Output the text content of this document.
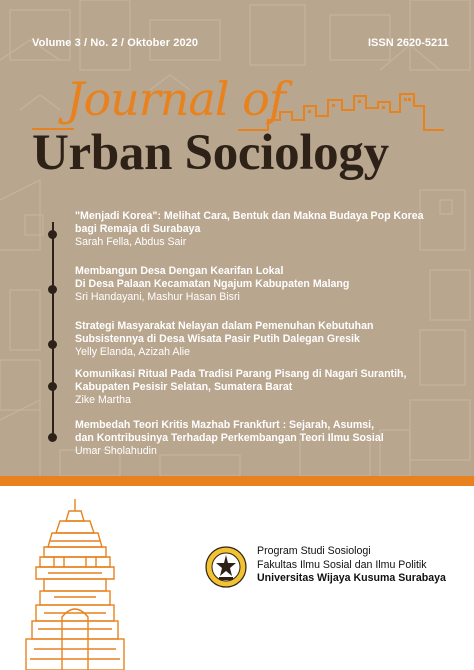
Volume 3 / No. 2 / Oktober 2020	ISSN 2620-5211
Journal of
Urban Sociology
"Menjadi Korea": Melihat Cara, Bentuk dan Makna Budaya Pop Korea
bagi Remaja di Surabaya
Sarah Fella, Abdus Sair
Membangun Desa Dengan Kearifan Lokal
Di Desa Palaan Kecamatan Ngajum Kabupaten Malang
Sri Handayani, Mashur Hasan Bisri
Strategi Masyarakat Nelayan dalam Pemenuhan Kebutuhan
Subsistennya di Desa Wisata Pasir Putih Dalegan Gresik
Yelly Elanda, Azizah Alie
Komunikasi Ritual Pada Tradisi Parang Pisang di Nagari Surantih,
Kabupaten Pesisir Selatan, Sumatera Barat
Zike Martha
Membedah Teori Kritis Mazhab Frankfurt : Sejarah, Asumsi,
dan Kontribusinya Terhadap Perkembangan Teori Ilmu Sosial
Umar Sholahudin
Program Studi Sosiologi
Fakultas Ilmu Sosial dan Ilmu Politik
Universitas Wijaya Kusuma Surabaya
